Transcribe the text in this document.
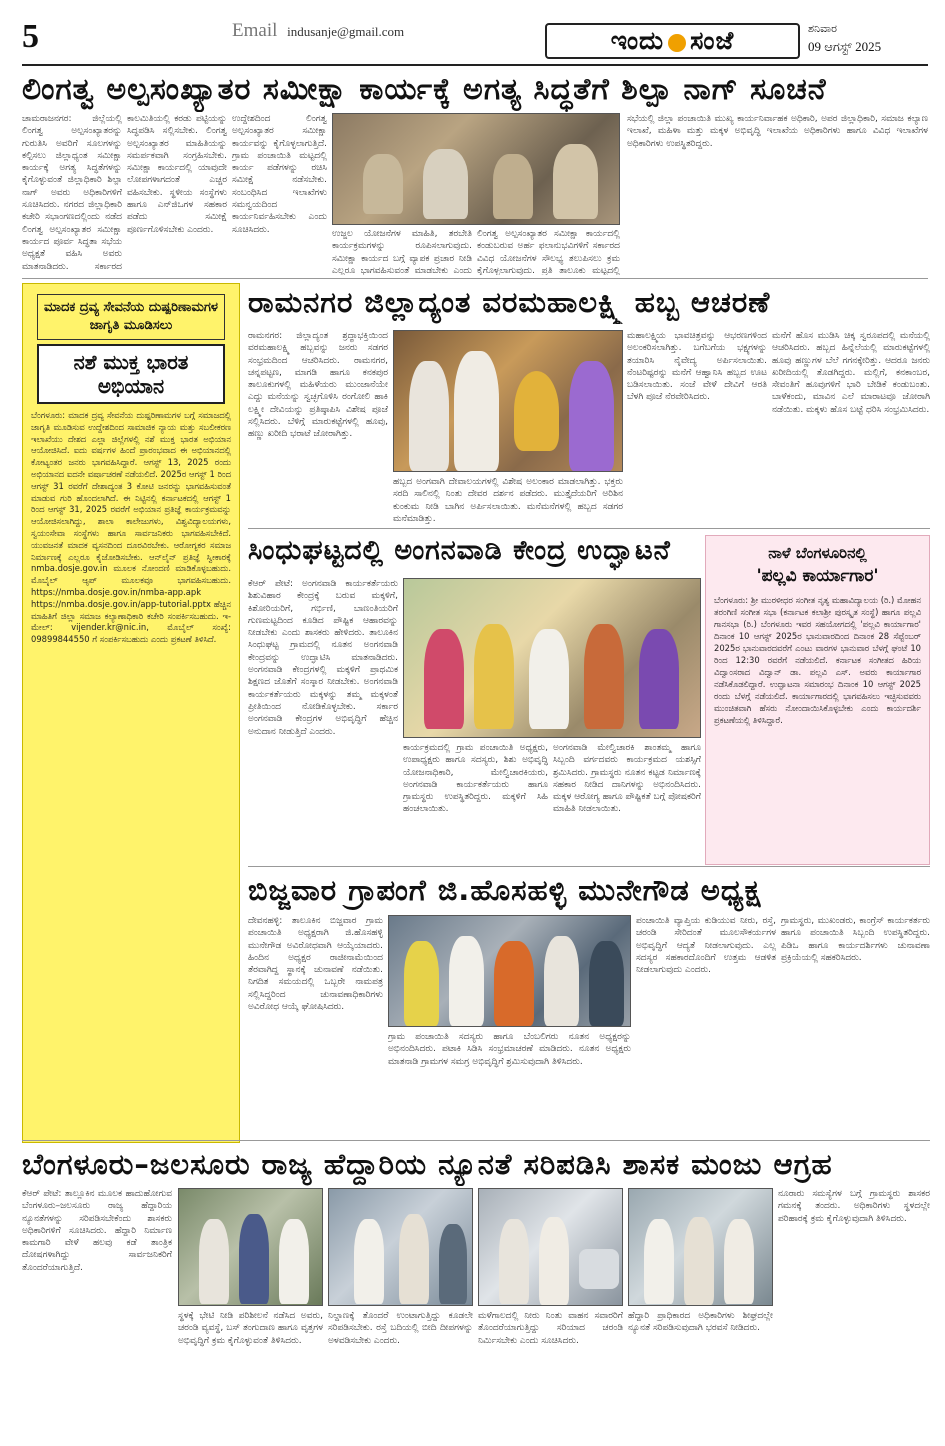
5	Email indusanje@gmail.com	ಇಂದು ಸಂಜೆ	ಶನಿವಾರ
09 ಆಗಸ್ಟ್ 2025
ಲಿಂಗತ್ವ ಅಲ್ಪಸಂಖ್ಯಾತರ ಸಮೀಕ್ಷಾ ಕಾರ್ಯಕ್ಕೆ ಅಗತ್ಯ ಸಿದ್ಧತೆಗೆ ಶಿಲ್ಪಾ ನಾಗ್ ಸೂಚನೆ
ಚಾಮರಾಜನಗರ: ಜಿಲ್ಲೆಯಲ್ಲಿ ಲಿಂಗತ್ವ ಅಲ್ಪಸಂಖ್ಯಾತರನ್ನು ಗುರುತಿಸಿ ಅವರಿಗೆ ಸೂಲಗಳನ್ನು ಕಲ್ಪಿಸಲು ಜಿಲ್ಲಾಧ್ಯಂತ ಸಮೀಕ್ಷಾ ಕಾರ್ಯಕ್ಕೆ ಅಗತ್ಯ ಸಿದ್ಧತೆಗಳನ್ನು ಕೈಗೊಳ್ಳುವಂತೆ ಜಿಲ್ಲಾಧಿಕಾರಿ ಶಿಲ್ಪಾ ನಾಗ್ ಅವರು ಅಧಿಕಾರಿಗಳಿಗೆ ಸೂಚಿಸಿದರು. ನಗರದ ಜಿಲ್ಲಾಧಿಕಾರಿ ಕಚೇರಿ ಸಭಾಂಗಣದಲ್ಲಿಂದು ನಡೆದ ಲಿಂಗತ್ವ ಅಲ್ಪಸಂಖ್ಯಾತರ ಸಮೀಕ್ಷಾ ಕಾರ್ಯದ ಪೂರ್ವ ಸಿದ್ಧತಾ ಸಭೆಯ ಅಧ್ಯಕ್ಷತೆ ವಹಿಸಿ ಅವರು ಮಾತನಾಡಿದರು. ಸರ್ಕಾರದ
ಕಾಲಮಿತಿಯಲ್ಲಿ ಕರಡು ಪಟ್ಟಿಯನ್ನು ಸಿದ್ಧಪಡಿಸಿ ಸಲ್ಲಿಸಬೇಕು. ಲಿಂಗತ್ವ ಅಲ್ಪಸಂಖ್ಯಾತರ ಮಾಹಿತಿಯನ್ನು ಸಮರ್ಪಕವಾಗಿ ಸಂಗ್ರಹಿಸಬೇಕು. ಸಮೀಕ್ಷಾ ಕಾರ್ಯದಲ್ಲಿ ಯಾವುದೇ ಲೋಪಗಳಾಗದಂತೆ ಎಚ್ಚರ ವಹಿಸಬೇಕು. ಸ್ಥಳೀಯ ಸಂಸ್ಥೆಗಳು ಹಾಗೂ ಎನ್‌ಜಿಒಗಳ ಸಹಕಾರ ಪಡೆದು ಸಮೀಕ್ಷೆ ಪೂರ್ಣಗೊಳಿಸಬೇಕು ಎಂದರು.
ಉದ್ದೇಶದಿಂದ ಲಿಂಗತ್ವ ಅಲ್ಪಸಂಖ್ಯಾತರ ಸಮೀಕ್ಷಾ ಕಾರ್ಯವನ್ನು ಕೈಗೊಳ್ಳಲಾಗುತ್ತಿದೆ. ಗ್ರಾಮ ಪಂಚಾಯಿತಿ ಮಟ್ಟದಲ್ಲಿ ಕಾರ್ಯ ಪಡೆಗಳನ್ನು ರಚಿಸಿ ಸಮೀಕ್ಷೆ ನಡೆಸಬೇಕು. ಸಂಬಂಧಿಸಿದ ಇಲಾಖೆಗಳು ಸಮನ್ವಯದಿಂದ ಕಾರ್ಯನಿರ್ವಹಿಸಬೇಕು ಎಂದು ಸೂಚಿಸಿದರು.	ಉಜ್ಜಲ ಯೋಜನೆಗಳ ಮಾಹಿತಿ, ತರಬೇತಿ ಕಾರ್ಯಕ್ರಮಗಳನ್ನು ರೂಪಿಸಲಾಗುವುದು. ಸಮೀಕ್ಷಾ ಕಾರ್ಯದ ಬಗ್ಗೆ ವ್ಯಾಪಕ ಪ್ರಚಾರ ನೀಡಿ ಎಲ್ಲರೂ ಭಾಗವಹಿಸುವಂತೆ ಮಾಡಬೇಕು ಎಂದು
ಲಿಂಗತ್ವ ಅಲ್ಪಸಂಖ್ಯಾತರ ಸಮೀಕ್ಷಾ ಕಾರ್ಯದಲ್ಲಿ ಕಂಡುಬರುವ ಅರ್ಹ ಫಲಾನುಭವಿಗಳಿಗೆ ಸರ್ಕಾರದ ವಿವಿಧ ಯೋಜನೆಗಳ ಸೌಲಭ್ಯ ತಲುಪಿಸಲು ಕ್ರಮ ಕೈಗೊಳ್ಳಲಾಗುವುದು. ಪ್ರತಿ ತಾಲೂಕು ಮಟ್ಟದಲ್ಲಿ
ಸಭೆಯಲ್ಲಿ ಜಿಲ್ಲಾ ಪಂಚಾಯಿತಿ ಮುಖ್ಯ ಕಾರ್ಯನಿರ್ವಾಹಕ ಅಧಿಕಾರಿ, ಅಪರ ಜಿಲ್ಲಾಧಿಕಾರಿ, ಸಮಾಜ ಕಲ್ಯಾಣ ಇಲಾಖೆ, ಮಹಿಳಾ ಮತ್ತು ಮಕ್ಕಳ ಅಭಿವೃದ್ಧಿ ಇಲಾಖೆಯ ಅಧಿಕಾರಿಗಳು ಹಾಗೂ ವಿವಿಧ ಇಲಾಖೆಗಳ ಅಧಿಕಾರಿಗಳು ಉಪಸ್ಥಿತರಿದ್ದರು.
ಮಾದಕ ದ್ರವ್ಯ ಸೇವನೆಯ ದುಷ್ಪರಿಣಾಮಗಳ ಜಾಗೃತಿ ಮೂಡಿಸಲು
ನಶೆ ಮುಕ್ತ ಭಾರತ ಅಭಿಯಾನ
ಬೆಂಗಳೂರು: ಮಾದಕ ದ್ರವ್ಯ ಸೇವನೆಯ ದುಷ್ಪರಿಣಾಮಗಳ ಬಗ್ಗೆ ಸಮಾಜದಲ್ಲಿ ಜಾಗೃತಿ ಮೂಡಿಸುವ ಉದ್ದೇಶದಿಂದ ಸಾಮಾಜಿಕ ನ್ಯಾಯ ಮತ್ತು ಸಬಲೀಕರಣ ಇಲಾಖೆಯು ದೇಶದ ಎಲ್ಲಾ ಜಿಲ್ಲೆಗಳಲ್ಲಿ ನಶೆ ಮುಕ್ತ ಭಾರತ ಅಭಿಯಾನ ಆಯೋಜಿಸಿದೆ. ಐದು ವರ್ಷಗಳ ಹಿಂದೆ ಪ್ರಾರಂಭವಾದ ಈ ಅಭಿಯಾನದಲ್ಲಿ ಕೋಟ್ಯಂತರ ಜನರು ಭಾಗವಹಿಸಿದ್ದಾರೆ. ಆಗಸ್ಟ್ 13, 2025 ರಂದು ಅಭಿಯಾನದ ಐದನೇ ವರ್ಷಾಚರಣೆ ನಡೆಯಲಿದೆ. 2025ರ ಆಗಸ್ಟ್ 1 ರಿಂದ ಆಗಸ್ಟ್ 31 ರವರೆಗೆ ದೇಶಾದ್ಯಂತ 3 ಕೋಟಿ ಜನರನ್ನು ಭಾಗವಹಿಸುವಂತೆ ಮಾಡುವ ಗುರಿ ಹೊಂದಲಾಗಿದೆ. ಈ ನಿಟ್ಟಿನಲ್ಲಿ ಕರ್ನಾಟಕದಲ್ಲಿ ಆಗಸ್ಟ್ 1 ರಿಂದ ಆಗಸ್ಟ್ 31, 2025 ರವರೆಗೆ ಅಭಿಯಾನ ಪ್ರತಿಜ್ಞೆ ಕಾರ್ಯಕ್ರಮವನ್ನು ಆಯೋಜಿಸಲಾಗಿದ್ದು, ಶಾಲಾ ಕಾಲೇಜುಗಳು, ವಿಶ್ವವಿದ್ಯಾಲಯಗಳು, ಸ್ವಯಂಸೇವಾ ಸಂಸ್ಥೆಗಳು ಹಾಗೂ ಸಾರ್ವಜನಿಕರು ಭಾಗವಹಿಸಬೇಕಿದೆ. ಯುವಜನತೆ ಮಾದಕ ವ್ಯಸನದಿಂದ ದೂರವಿರಬೇಕು. ಆರೋಗ್ಯಕರ ಸಮಾಜ ನಿರ್ಮಾಣಕ್ಕೆ ಎಲ್ಲರೂ ಕೈಜೋಡಿಸಬೇಕು. ಆನ್‌ಲೈನ್ ಪ್ರತಿಜ್ಞೆ ಸ್ವೀಕಾರಕ್ಕೆ nmba.dosje.gov.in ಮೂಲಕ ನೋಂದಣಿ ಮಾಡಿಕೊಳ್ಳಬಹುದು. ಮೊಬೈಲ್ ಆ್ಯಪ್ ಮೂಲಕವೂ ಭಾಗವಹಿಸಬಹುದು. https://nmba.dosje.gov.in/nmba-app.apk https://nmba.dosje.gov.in/app-tutorial.pptx ಹೆಚ್ಚಿನ ಮಾಹಿತಿಗೆ ಜಿಲ್ಲಾ ಸಮಾಜ ಕಲ್ಯಾಣಾಧಿಕಾರಿ ಕಚೇರಿ ಸಂಪರ್ಕಿಸಬಹುದು. ಇ-ಮೇಲ್: vijender.kr@nic.in, ಮೊಬೈಲ್ ಸಂಖ್ಯೆ: 09899844550 ಗೆ ಸಂಪರ್ಕಿಸಬಹುದು ಎಂದು ಪ್ರಕಟಣೆ ತಿಳಿಸಿದೆ.
ರಾಮನಗರ ಜಿಲ್ಲಾದ್ಯಂತ ವರಮಹಾಲಕ್ಷ್ಮಿ ಹಬ್ಬ ಆಚರಣೆ
ರಾಮನಗರ: ಜಿಲ್ಲಾದ್ಯಂತ ಶ್ರದ್ಧಾಭಕ್ತಿಯಿಂದ ವರಮಹಾಲಕ್ಷ್ಮಿ ಹಬ್ಬವನ್ನು ಜನರು ಸಡಗರ ಸಂಭ್ರಮದಿಂದ ಆಚರಿಸಿದರು. ರಾಮನಗರ, ಚನ್ನಪಟ್ಟಣ, ಮಾಗಡಿ ಹಾಗೂ ಕನಕಪುರ ತಾಲೂಕುಗಳಲ್ಲಿ ಮಹಿಳೆಯರು ಮುಂಜಾನೆಯೇ ಎದ್ದು ಮನೆಯನ್ನು ಸ್ವಚ್ಛಗೊಳಿಸಿ ರಂಗೋಲಿ ಹಾಕಿ ಲಕ್ಷ್ಮೀ ದೇವಿಯನ್ನು ಪ್ರತಿಷ್ಠಾಪಿಸಿ ವಿಶೇಷ ಪೂಜೆ ಸಲ್ಲಿಸಿದರು. ಬೆಳಿಗ್ಗೆ ಮಾರುಕಟ್ಟೆಗಳಲ್ಲಿ ಹೂವು, ಹಣ್ಣು ಖರೀದಿ ಭರಾಟೆ ಜೋರಾಗಿತ್ತು.
ಹಬ್ಬದ ಅಂಗವಾಗಿ ದೇವಾಲಯಗಳಲ್ಲಿ ವಿಶೇಷ ಅಲಂಕಾರ ಮಾಡಲಾಗಿತ್ತು. ಭಕ್ತರು ಸರದಿ ಸಾಲಿನಲ್ಲಿ ನಿಂತು ದೇವರ ದರ್ಶನ ಪಡೆದರು. ಮುತ್ತೈದೆಯರಿಗೆ ಅರಿಶಿನ ಕುಂಕುಮ ನೀಡಿ ಬಾಗಿನ ಅರ್ಪಿಸಲಾಯಿತು. ಮನೆಮನೆಗಳಲ್ಲಿ ಹಬ್ಬದ ಸಡಗರ ಮನೆಮಾಡಿತ್ತು.
ಮಹಾಲಕ್ಷ್ಮಿಯ ಭಾವಚಿತ್ರವನ್ನು ಆಭರಣಗಳಿಂದ ಅಲಂಕರಿಸಲಾಗಿತ್ತು. ಬಗೆಬಗೆಯ ಭಕ್ಷ್ಯಗಳನ್ನು ತಯಾರಿಸಿ ನೈವೇದ್ಯ ಅರ್ಪಿಸಲಾಯಿತು. ನೆಂಟರಿಷ್ಟರನ್ನು ಮನೆಗೆ ಆಹ್ವಾನಿಸಿ ಹಬ್ಬದ ಊಟ ಬಡಿಸಲಾಯಿತು. ಸಂಜೆ ವೇಳೆ ದೇವಿಗೆ ಆರತಿ ಬೆಳಗಿ ಪೂಜೆ ನೆರವೇರಿಸಿದರು.
ಮನೆಗೆ ಹೊಸ ಮುಡಿಸಿ ಚಿಕ್ಕ ಸ್ವರೂಪದಲ್ಲಿ ಮನೆಯಲ್ಲಿ ಆಚರಿಸಿದರು. ಹಬ್ಬದ ಹಿನ್ನೆಲೆಯಲ್ಲಿ ಮಾರುಕಟ್ಟೆಗಳಲ್ಲಿ ಹೂವು ಹಣ್ಣುಗಳ ಬೆಲೆ ಗಗನಕ್ಕೇರಿತ್ತು. ಆದರೂ ಜನರು ಖರೀದಿಯಲ್ಲಿ ತೊಡಗಿದ್ದರು. ಮಲ್ಲಿಗೆ, ಕನಕಾಂಬರ, ಸೇವಂತಿಗೆ ಹೂವುಗಳಿಗೆ ಭಾರಿ ಬೇಡಿಕೆ ಕಂಡುಬಂತು. ಬಾಳೆಕಂದು, ಮಾವಿನ ಎಲೆ ಮಾರಾಟವೂ ಜೋರಾಗಿ ನಡೆಯಿತು. ಮಕ್ಕಳು ಹೊಸ ಬಟ್ಟೆ ಧರಿಸಿ ಸಂಭ್ರಮಿಸಿದರು.
ಸಿಂಧುಘಟ್ಟದಲ್ಲಿ ಅಂಗನವಾಡಿ ಕೇಂದ್ರ ಉದ್ಘಾಟನೆ
ಕೆಆರ್ ಪೇಟೆ: ಅಂಗನವಾಡಿ ಕಾರ್ಯಕರ್ತೆಯರು ಶಿಶುವಿಹಾರ ಕೇಂದ್ರಕ್ಕೆ ಬರುವ ಮಕ್ಕಳಿಗೆ, ಕಿಶೋರಿಯರಿಗೆ, ಗರ್ಭಿಣಿ, ಬಾಣಂತಿಯರಿಗೆ ಗುಣಮಟ್ಟದಿಂದ ಕೂಡಿದ ಪೌಷ್ಟಿಕ ಆಹಾರವನ್ನು ನೀಡಬೇಕು ಎಂದು ಶಾಸಕರು ಹೇಳಿದರು. ತಾಲೂಕಿನ ಸಿಂಧುಘಟ್ಟ ಗ್ರಾಮದಲ್ಲಿ ನೂತನ ಅಂಗನವಾಡಿ ಕೇಂದ್ರವನ್ನು ಉದ್ಘಾಟಿಸಿ ಮಾತನಾಡಿದರು. ಅಂಗನವಾಡಿ ಕೇಂದ್ರಗಳಲ್ಲಿ ಮಕ್ಕಳಿಗೆ ಪ್ರಾಥಮಿಕ ಶಿಕ್ಷಣದ ಜೊತೆಗೆ ಸಂಸ್ಕಾರ ನೀಡಬೇಕು. ಅಂಗನವಾಡಿ ಕಾರ್ಯಕರ್ತೆಯರು ಮಕ್ಕಳನ್ನು ತಮ್ಮ ಮಕ್ಕಳಂತೆ ಪ್ರೀತಿಯಿಂದ ನೋಡಿಕೊಳ್ಳಬೇಕು. ಸರ್ಕಾರ ಅಂಗನವಾಡಿ ಕೇಂದ್ರಗಳ ಅಭಿವೃದ್ಧಿಗೆ ಹೆಚ್ಚಿನ ಅನುದಾನ ನೀಡುತ್ತಿದೆ ಎಂದರು.
ಕಾರ್ಯಕ್ರಮದಲ್ಲಿ ಗ್ರಾಮ ಪಂಚಾಯಿತಿ ಅಧ್ಯಕ್ಷರು, ಉಪಾಧ್ಯಕ್ಷರು ಹಾಗೂ ಸದಸ್ಯರು, ಶಿಶು ಅಭಿವೃದ್ಧಿ ಯೋಜನಾಧಿಕಾರಿ, ಮೇಲ್ವಿಚಾರಕಿಯರು, ಅಂಗನವಾಡಿ ಕಾರ್ಯಕರ್ತೆಯರು ಹಾಗೂ ಗ್ರಾಮಸ್ಥರು ಉಪಸ್ಥಿತರಿದ್ದರು. ಮಕ್ಕಳಿಗೆ ಸಿಹಿ ಹಂಚಲಾಯಿತು.
ಅಂಗನವಾಡಿ ಮೇಲ್ವಿಚಾರಕಿ ಶಾಂತಮ್ಮ ಹಾಗೂ ಸಿಬ್ಬಂದಿ ವರ್ಗದವರು ಕಾರ್ಯಕ್ರಮದ ಯಶಸ್ಸಿಗೆ ಶ್ರಮಿಸಿದರು. ಗ್ರಾಮಸ್ಥರು ನೂತನ ಕಟ್ಟಡ ನಿರ್ಮಾಣಕ್ಕೆ ಸಹಕಾರ ನೀಡಿದ ದಾನಿಗಳನ್ನು ಅಭಿನಂದಿಸಿದರು. ಮಕ್ಕಳ ಆರೋಗ್ಯ ಹಾಗೂ ಪೌಷ್ಟಿಕತೆ ಬಗ್ಗೆ ಪೋಷಕರಿಗೆ ಮಾಹಿತಿ ನೀಡಲಾಯಿತು.
ನಾಳೆ ಬೆಂಗಳೂರಿನಲ್ಲಿ
'ಪಲ್ಲವಿ ಕಾರ್ಯಾಗಾರ'
ಬೆಂಗಳೂರು: ಶ್ರೀ ಮುರಳೀಧರ ಸಂಗೀತ ನೃತ್ಯ ಮಹಾವಿದ್ಯಾಲಯ (ರಿ.) ಮೋಹನ ತರಂಗಿಣಿ ಸಂಗೀತ ಸಭಾ (ಕರ್ನಾಟಕ ಕಲಾಶ್ರೀ ಪುರಸ್ಕೃತ ಸಂಸ್ಥೆ) ಹಾಗೂ ಪಲ್ಲವಿ ಗಾನಸಭಾ (ರಿ.) ಬೆಂಗಳೂರು ಇವರ ಸಹಯೋಗದಲ್ಲಿ 'ಪಲ್ಲವಿ ಕಾರ್ಯಾಗಾರ' ದಿನಾಂಕ 10 ಆಗಸ್ಟ್ 2025ರ ಭಾನುವಾರದಿಂದ ದಿನಾಂಕ 28 ಸೆಪ್ಟೆಂಬರ್ 2025ರ ಭಾನುವಾರದವರೆಗೆ ಎಂಟು ವಾರಗಳ ಭಾನುವಾರ ಬೆಳಗ್ಗೆ ಘಂಟೆ 10 ರಿಂದ 12:30 ರವರೆಗೆ ನಡೆಯಲಿದೆ. ಕರ್ನಾಟಕ ಸಂಗೀತದ ಹಿರಿಯ ವಿದ್ವಾಂಸರಾದ ವಿದ್ವಾನ್ ಡಾ. ಪಲ್ಲವಿ ಎಸ್. ಅವರು ಕಾರ್ಯಾಗಾರ ನಡೆಸಿಕೊಡಲಿದ್ದಾರೆ. ಉದ್ಘಾಟನಾ ಸಮಾರಂಭ ದಿನಾಂಕ 10 ಆಗಸ್ಟ್ 2025 ರಂದು ಬೆಳಗ್ಗೆ ನಡೆಯಲಿದೆ. ಕಾರ್ಯಾಗಾರದಲ್ಲಿ ಭಾಗವಹಿಸಲು ಇಚ್ಛಿಸುವವರು ಮುಂಚಿತವಾಗಿ ಹೆಸರು ನೋಂದಾಯಿಸಿಕೊಳ್ಳಬೇಕು ಎಂದು ಕಾರ್ಯದರ್ಶಿ ಪ್ರಕಟಣೆಯಲ್ಲಿ ತಿಳಿಸಿದ್ದಾರೆ.
ಬಿಜ್ಜವಾರ ಗ್ರಾಪಂಗೆ ಜಿ.ಹೊಸಹಳ್ಳಿ ಮುನೇಗೌಡ ಅಧ್ಯಕ್ಷ
ದೇವನಹಳ್ಳಿ: ತಾಲೂಕಿನ ಬಿಜ್ಜವಾರ ಗ್ರಾಮ ಪಂಚಾಯಿತಿ ಅಧ್ಯಕ್ಷರಾಗಿ ಜಿ.ಹೊಸಹಳ್ಳಿ ಮುನೇಗೌಡ ಅವಿರೋಧವಾಗಿ ಆಯ್ಕೆಯಾದರು. ಹಿಂದಿನ ಅಧ್ಯಕ್ಷರ ರಾಜೀನಾಮೆಯಿಂದ ತೆರವಾಗಿದ್ದ ಸ್ಥಾನಕ್ಕೆ ಚುನಾವಣೆ ನಡೆಯಿತು. ನಿಗದಿತ ಸಮಯದಲ್ಲಿ ಒಬ್ಬರೇ ನಾಮಪತ್ರ ಸಲ್ಲಿಸಿದ್ದರಿಂದ ಚುನಾವಣಾಧಿಕಾರಿಗಳು ಅವಿರೋಧ ಆಯ್ಕೆ ಘೋಷಿಸಿದರು.
ಗ್ರಾಮ ಪಂಚಾಯಿತಿ ಸದಸ್ಯರು ಹಾಗೂ ಬೆಂಬಲಿಗರು ನೂತನ ಅಧ್ಯಕ್ಷರನ್ನು ಅಭಿನಂದಿಸಿದರು. ಪಟಾಕಿ ಸಿಡಿಸಿ ಸಂಭ್ರಮಾಚರಣೆ ಮಾಡಿದರು. ನೂತನ ಅಧ್ಯಕ್ಷರು ಮಾತನಾಡಿ ಗ್ರಾಮಗಳ ಸಮಗ್ರ ಅಭಿವೃದ್ಧಿಗೆ ಶ್ರಮಿಸುವುದಾಗಿ ತಿಳಿಸಿದರು.
ಪಂಚಾಯಿತಿ ವ್ಯಾಪ್ತಿಯ ಕುಡಿಯುವ ನೀರು, ರಸ್ತೆ, ಚರಂಡಿ ಸೇರಿದಂತೆ ಮೂಲಸೌಕರ್ಯಗಳ ಅಭಿವೃದ್ಧಿಗೆ ಆದ್ಯತೆ ನೀಡಲಾಗುವುದು. ಎಲ್ಲ ಸದಸ್ಯರ ಸಹಕಾರದೊಂದಿಗೆ ಉತ್ತಮ ಆಡಳಿತ ನೀಡಲಾಗುವುದು ಎಂದರು.
ಗ್ರಾಮಸ್ಥರು, ಮುಖಂಡರು, ಕಾಂಗ್ರೆಸ್ ಕಾರ್ಯಕರ್ತರು ಹಾಗೂ ಪಂಚಾಯಿತಿ ಸಿಬ್ಬಂದಿ ಉಪಸ್ಥಿತರಿದ್ದರು. ಪಿಡಿಒ ಹಾಗೂ ಕಾರ್ಯದರ್ಶಿಗಳು ಚುನಾವಣಾ ಪ್ರಕ್ರಿಯೆಯಲ್ಲಿ ಸಹಕರಿಸಿದರು.
ಬೆಂಗಳೂರು–ಜಲಸೂರು ರಾಜ್ಯ ಹೆದ್ದಾರಿಯ ನ್ಯೂನತೆ ಸರಿಪಡಿಸಿ ಶಾಸಕ ಮಂಜು ಆಗ್ರಹ
ಕೆಆರ್ ಪೇಟೆ: ತಾಲ್ಲೂಕಿನ ಮೂಲಕ ಹಾದುಹೋಗುವ ಬೆಂಗಳೂರು–ಜಲಸೂರು ರಾಜ್ಯ ಹೆದ್ದಾರಿಯ ನ್ಯೂನತೆಗಳನ್ನು ಸರಿಪಡಿಸಬೇಕೆಂದು ಶಾಸಕರು ಅಧಿಕಾರಿಗಳಿಗೆ ಸೂಚಿಸಿದರು. ಹೆದ್ದಾರಿ ನಿರ್ಮಾಣ ಕಾಮಗಾರಿ ವೇಳೆ ಹಲವು ಕಡೆ ತಾಂತ್ರಿಕ ದೋಷಗಳಾಗಿದ್ದು ಸಾರ್ವಜನಿಕರಿಗೆ ತೊಂದರೆಯಾಗುತ್ತಿದೆ.
ಸ್ಥಳಕ್ಕೆ ಭೇಟಿ ನೀಡಿ ಪರಿಶೀಲನೆ ನಡೆಸಿದ ಅವರು, ಚರಂಡಿ ವ್ಯವಸ್ಥೆ, ಬಸ್ ತಂಗುದಾಣ ಹಾಗೂ ವೃತ್ತಗಳ ಅಭಿವೃದ್ಧಿಗೆ ಕ್ರಮ ಕೈಗೊಳ್ಳುವಂತೆ ತಿಳಿಸಿದರು.
ನಿಲ್ದಾಣಕ್ಕೆ ತೊಂದರೆ ಉಂಟಾಗುತ್ತಿದ್ದು ಕೂಡಲೇ ಸರಿಪಡಿಸಬೇಕು. ರಸ್ತೆ ಬದಿಯಲ್ಲಿ ಬೀದಿ ದೀಪಗಳನ್ನು ಅಳವಡಿಸಬೇಕು ಎಂದರು.
ಮಳೆಗಾಲದಲ್ಲಿ ನೀರು ನಿಂತು ವಾಹನ ಸವಾರರಿಗೆ ತೊಂದರೆಯಾಗುತ್ತಿದ್ದು ಸರಿಯಾದ ಚರಂಡಿ ನಿರ್ಮಿಸಬೇಕು ಎಂದು ಸೂಚಿಸಿದರು.
ಹೆದ್ದಾರಿ ಪ್ರಾಧಿಕಾರದ ಅಧಿಕಾರಿಗಳು ಶೀಘ್ರದಲ್ಲೇ ನ್ಯೂನತೆ ಸರಿಪಡಿಸುವುದಾಗಿ ಭರವಸೆ ನೀಡಿದರು.
ನೂರಾರು ಸಮಸ್ಯೆಗಳ ಬಗ್ಗೆ ಗ್ರಾಮಸ್ಥರು ಶಾಸಕರ ಗಮನಕ್ಕೆ ತಂದರು. ಅಧಿಕಾರಿಗಳು ಸ್ಥಳದಲ್ಲೇ ಪರಿಹಾರಕ್ಕೆ ಕ್ರಮ ಕೈಗೊಳ್ಳುವುದಾಗಿ ತಿಳಿಸಿದರು.
